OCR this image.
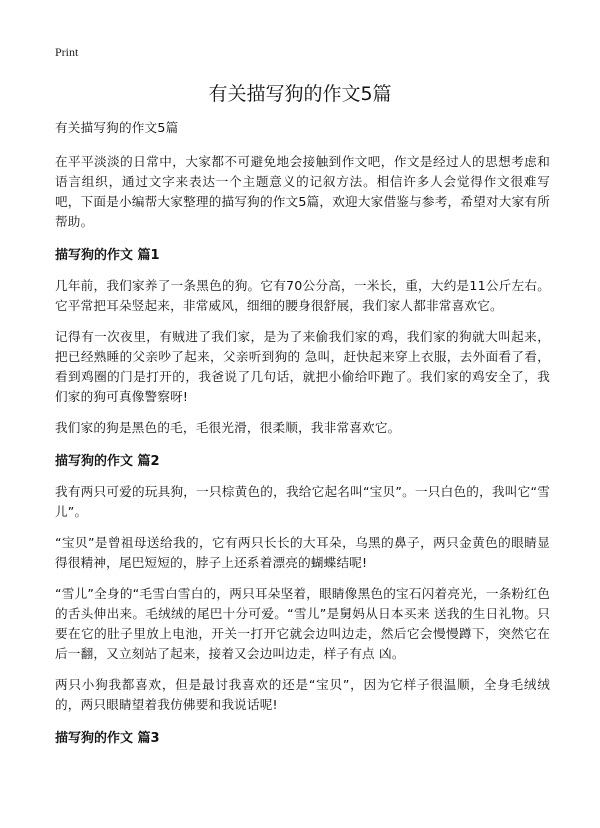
Print
有关描写狗的作文5篇

有关描写狗的作文5篇

在平平淡淡的日常中，大家都不可避免地会接触到作文吧，作文是经过人的思想考虑和语言组织，通过文字来表达一个主题意义的记叙方法。相信许多人会觉得作文很难写吧，下面是小编帮大家整理的描写狗的作文5篇，欢迎大家借鉴与参考，希望对大家有所帮助。

描写狗的作文 篇1

几年前，我们家养了一条黑色的狗。它有70公分高，一米长，重，大约是11公斤左右。它平常把耳朵竖起来，非常威风，细细的腰身很舒展，我们家人都非常喜欢它。

记得有一次夜里，有贼进了我们家，是为了来偷我们家的鸡，我们家的狗就大叫起来，把已经熟睡的父亲吵了起来，父亲听到狗的 急叫，赶快起来穿上衣服，去外面看了看，看到鸡圈的门是打开的，我爸说了几句话，就把小偷给吓跑了。我们家的鸡安全了，我们家的狗可真像警察呀!

我们家的狗是黑色的毛，毛很光滑，很柔顺，我非常喜欢它。

描写狗的作文 篇2

我有两只可爱的玩具狗，一只棕黄色的，我给它起名叫“宝贝”。一只白色的，我叫它“雪儿”。

“宝贝”是曾祖母送给我的，它有两只长长的大耳朵，乌黑的鼻子，两只金黄色的眼睛显得很精神，尾巴短短的，脖子上还系着漂亮的蝴蝶结呢!

“雪儿”全身的“毛雪白雪白的，两只耳朵坚着，眼睛像黑色的宝石闪着亮光，一条粉红色的舌头伸出来。毛绒绒的尾巴十分可爱。“雪儿”是舅妈从日本买来 送我的生日礼物。只要在它的肚子里放上电池，开关一打开它就会边叫边走，然后它会慢慢蹲下，突然它在后一翻，又立刻站了起来，接着又会边叫边走，样子有点 凶。

两只小狗我都喜欢，但是最讨我喜欢的还是“宝贝”，因为它样子很温顺，全身毛绒绒的，两只眼睛望着我仿佛要和我说话呢!

描写狗的作文 篇3
